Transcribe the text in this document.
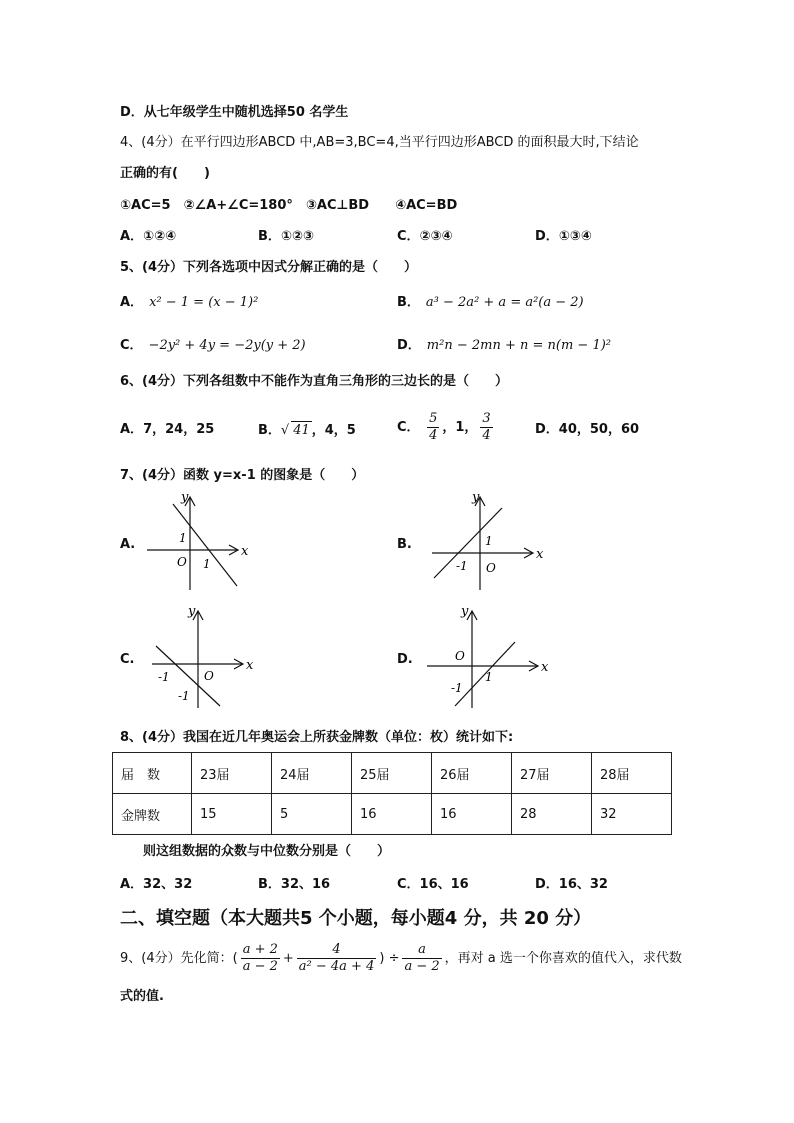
D．从七年级学生中随机选择50 名学生
4、(4分）在平行四边形ABCD 中,AB=3,BC=4,当平行四边形ABCD 的面积最大时,下结论
正确的有(　　)
①AC=5　②∠A+∠C=180°　③AC⊥BD　　④AC=BD
A．①②④	B．①②③	C．②③④	D．①③④
5、(4分）下列各选项中因式分解正确的是（　　）
A． x² − 1 = (x − 1)²	B． a³ − 2a² + a = a²(a − 2)
C． −2y² + 4y = −2y(y + 2)	D． m²n − 2mn + n = n(m − 1)²
6、(4分）下列各组数中不能作为直角三角形的三边长的是（　　）
A．7，24，25	B．√ 41 ，4，5	C． $\frac{5}{4}$ ，1， $\frac{3}{4}$	D．40，50，60
7、(4分）函数 y=x-1 的图象是（　　）
A.	B.
C.	D.
y
x
O
1
1
y
x
O
1
-1
y
x
O
-1
-1
y
x
O
1
-1
8、(4分）我国在近几年奥运会上所获金牌数（单位：枚）统计如下:
届　数	23届	24届	25届	26届	27届	28届
金牌数	15	5	16	16	28	32
则这组数据的众数与中位数分别是（　　）
A．32、32	B．32、16	C．16、16	D．16、32
二、填空题（本大题共5 个小题，每小题4 分，共 20 分）
9、(4分）先化简：( $\frac{a + 2}{a - 2} + \frac{4}{\text{a² − 4a + 4}}$ ) ÷ $\frac{a}{a - 2}$ ，再对 a 选一个你喜欢的值代入，求代数
式的值.
